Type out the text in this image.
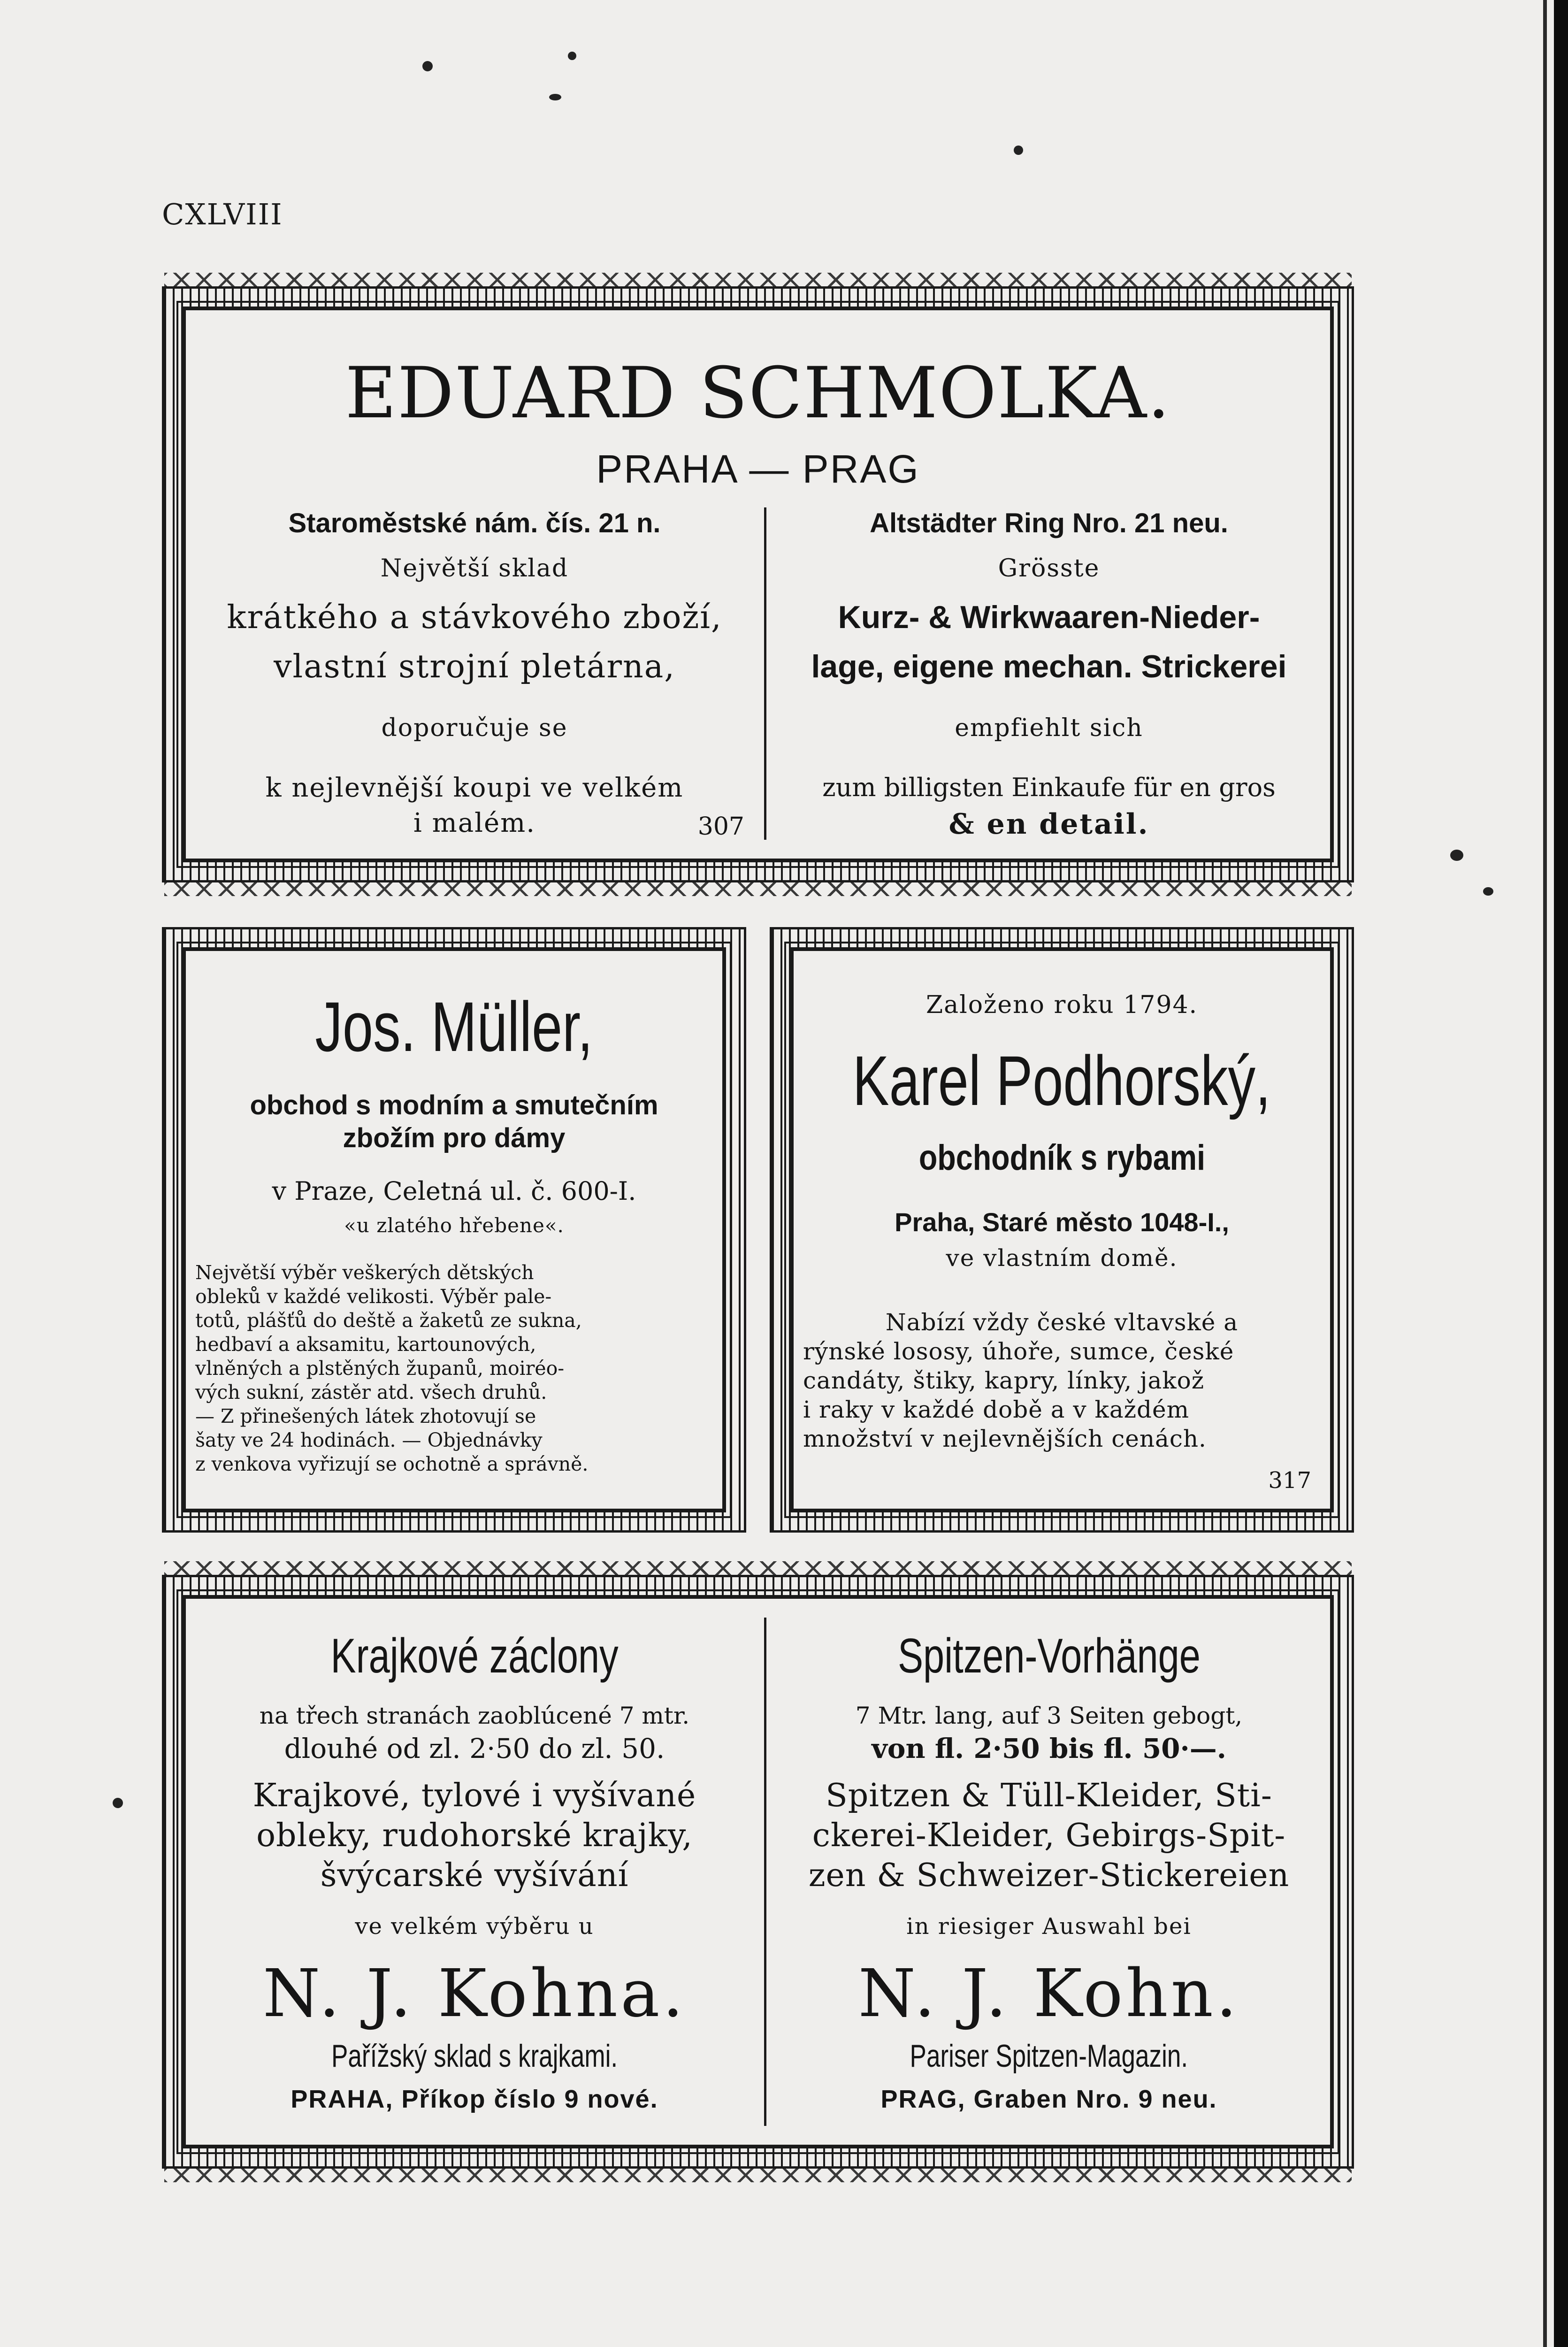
CXLVIII
EDUARD SCHMOLKA.
PRAHA — PRAG
Staroměstské nám. čís. 21 n.
Největší sklad
krátkého a stávkového zboží,
vlastní strojní pletárna,
doporučuje se
k nejlevnější koupi ve velkém
i malém.	307
Altstädter Ring Nro. 21 neu.
Grösste
Kurz- & Wirkwaaren-Nieder-
lage, eigene mechan. Strickerei
empfiehlt sich
zum billigsten Einkaufe für en gros
& en detail.
Jos. Müller,
obchod s modním a smutečním
zbožím pro dámy
v Praze, Celetná ul. č. 600-I.
«u zlatého hřebene«.
Největší výběr veškerých dětských
obleků v každé velikosti. Výběr pale-
totů, plášťů do deště a žaketů ze sukna,
hedbaví a aksamitu, kartounových,
vlněných a plstěných županů, moiréo-
vých sukní, zástěr atd. všech druhů.
— Z přinešených látek zhotovují se
šaty ve 24 hodinách. — Objednávky
z venkova vyřizují se ochotně a správně.
Založeno roku 1794.
Karel Podhorský,
obchodník s rybami
Praha, Staré město 1048-I.,
ve vlastním domě.
Nabízí vždy české vltavské a
rýnské lososy, úhoře, sumce, české
candáty, štiky, kapry, línky, jakož
i raky v každé době a v každém
množství v nejlevnějších cenách.
317
Krajkové záclony
na třech stranách zaoblúcené 7 mtr.
dlouhé od zl. 2·50 do zl. 50.
Krajkové, tylové i vyšívané
obleky, rudohorské krajky,
švýcarské vyšívání
ve velkém výběru u
N. J. Kohna.
Pařížský sklad s krajkami.
PRAHA, Příkop číslo 9 nové.
Spitzen-Vorhänge
7 Mtr. lang, auf 3 Seiten gebogt,
von fl. 2·50 bis fl. 50·—.
Spitzen & Tüll-Kleider, Sti-
ckerei-Kleider, Gebirgs-Spit-
zen & Schweizer-Stickereien
in riesiger Auswahl bei
N. J. Kohn.
Pariser Spitzen-Magazin.
PRAG, Graben Nro. 9 neu.
